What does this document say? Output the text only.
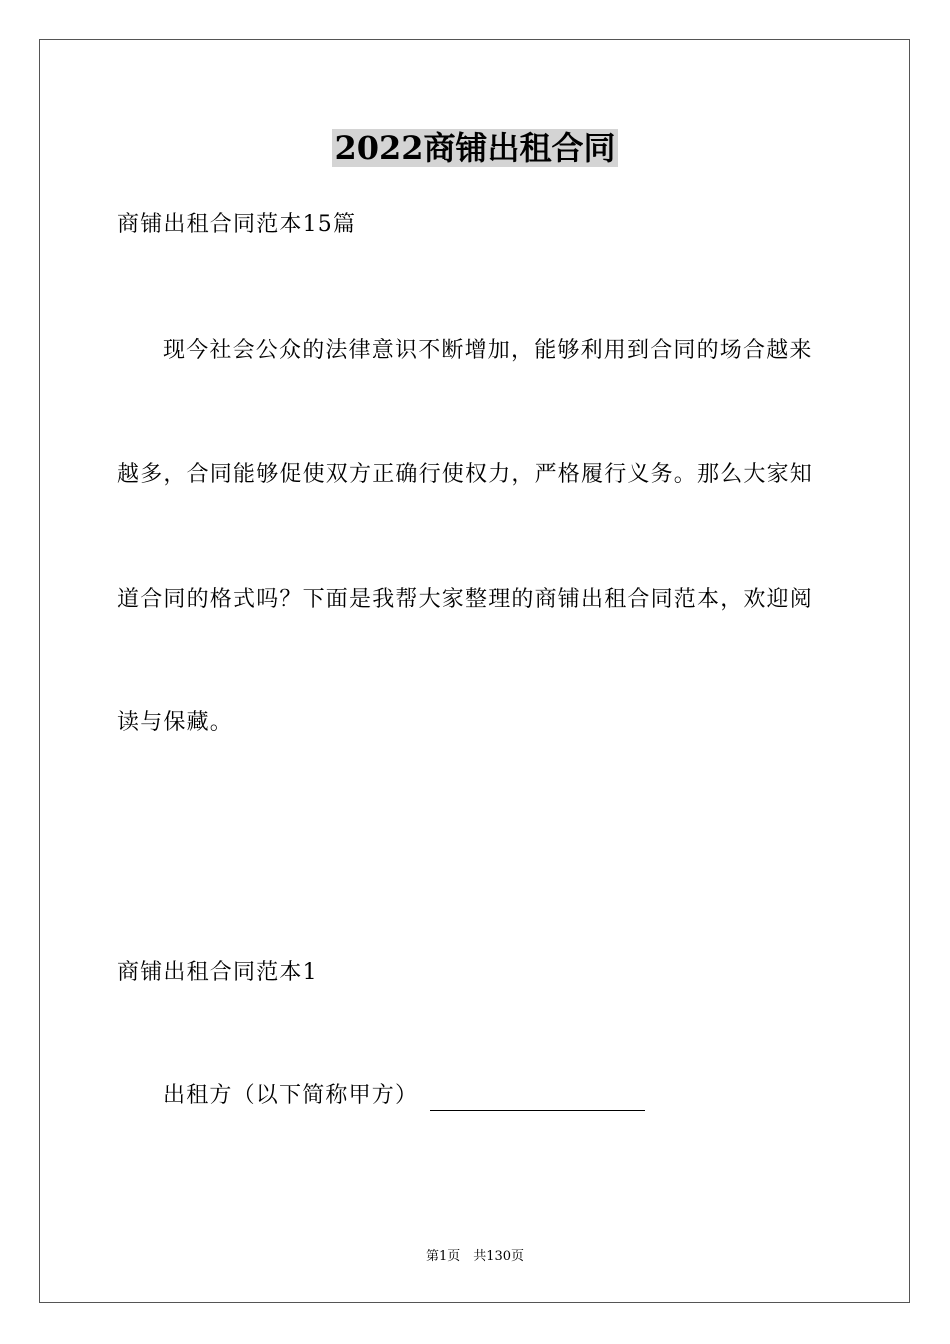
2022商铺出租合同
商铺出租合同范本15篇
现今社会公众的法律意识不断增加，能够利用到合同的场合越来
越多，合同能够促使双方正确行使权力，严格履行义务。那么大家知
道合同的格式吗？下面是我帮大家整理的商铺出租合同范本，欢迎阅
读与保藏。
商铺出租合同范本1
出租方（以下简称甲方）
第1页　共130页
